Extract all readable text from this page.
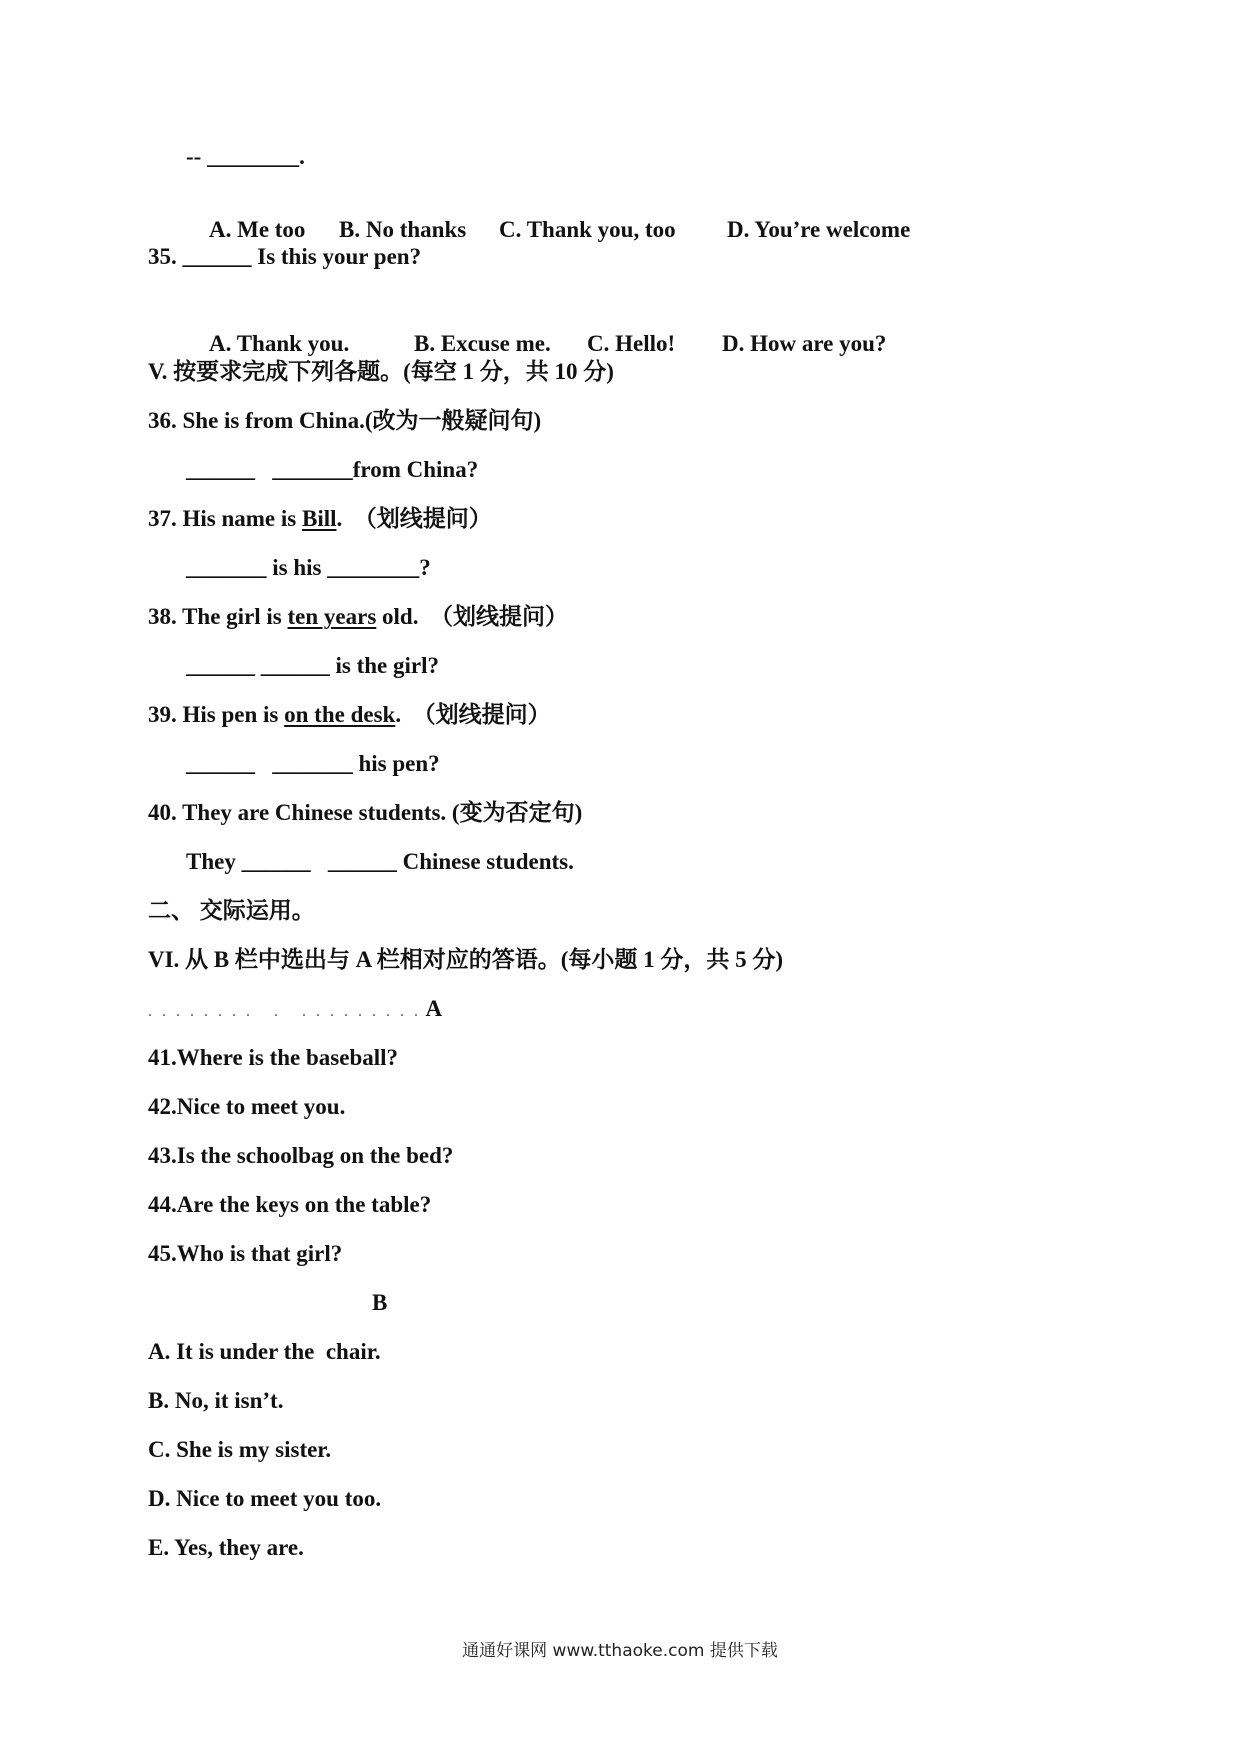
-- ________.

A. Me too B. No thanks C. Thank you, too D. You’re welcome

35. ______ Is this your pen?

A. Thank you.	B. Excuse me. C. Hello! D. How are you?

V. 按要求完成下列各题。(每空 1 分，共 10 分)
36. She is from China.(改为一般疑问句)
______   _______from China?
37. His name is Bill.  （划线提问）
_______ is his ________?
38. The girl is ten years old.  （划线提问）
______ ______ is the girl?
39. His pen is on the desk.  （划线提问）
______   _______ his pen?
40. They are Chinese students. (变为否定句)
They ______   ______ Chinese students.
二、 交际运用。
VI. 从 B 栏中选出与 A 栏相对应的答语。(每小题 1 分，共 5 分)
. . . . . . . .   .   . . . . . . . . . A
41.Where is the baseball?
42.Nice to meet you.
43.Is the schoolbag on the bed?
44.Are the keys on the table?
45.Who is that girl?
B
A. It is under the  chair.
B. No, it isn’t.
C. She is my sister.
D. Nice to meet you too.
E. Yes, they are.
通通好课网 www.tthaoke.com 提供下载
